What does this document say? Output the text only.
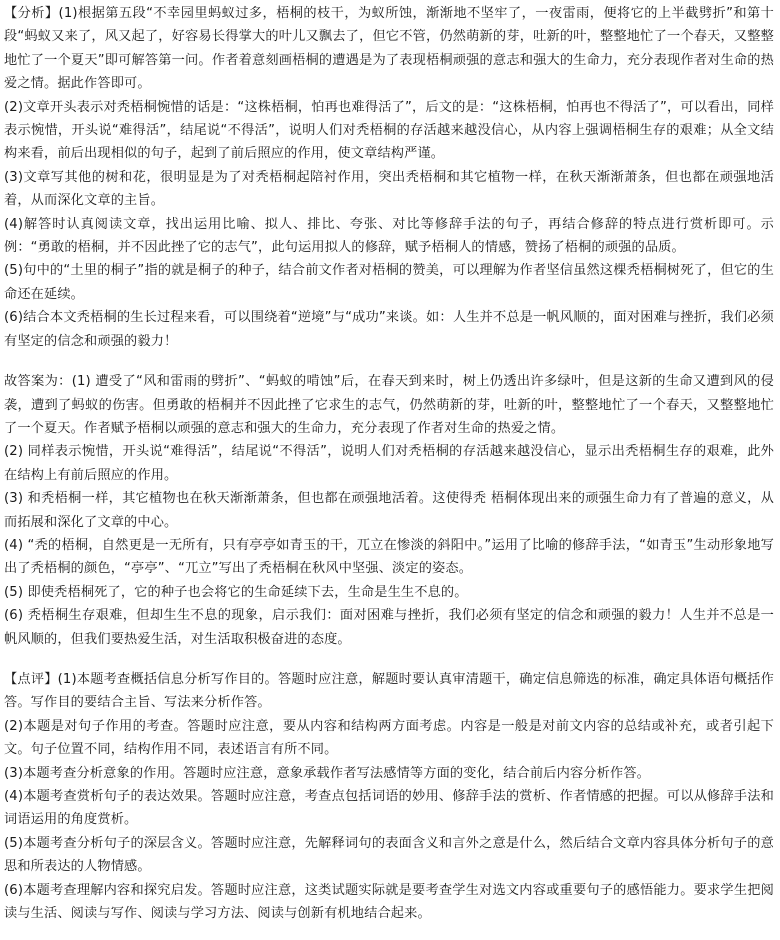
【分析】(1)根据第五段“不幸园里蚂蚁过多，梧桐的枝干，为蚁所蚀，渐渐地不坚牢了，一夜雷雨，便将它的上半截劈折”和第十段“蚂蚁又来了，风又起了，好容易长得掌大的叶儿又飘去了，但它不管，仍然萌新的芽，吐新的叶，整整地忙了一个春天，又整整地忙了一个夏天”即可解答第一问。作者着意刻画梧桐的遭遇是为了表现梧桐顽强的意志和强大的生命力，充分表现作者对生命的热爱之情。据此作答即可。

(2)文章开头表示对秃梧桐惋惜的话是：“这株梧桐，怕再也难得活了”，后文的是：“这株梧桐，怕再也不得活了”，可以看出，同样表示惋惜，开头说“难得活”，结尾说“不得活”，说明人们对秃梧桐的存活越来越没信心，从内容上强调梧桐生存的艰难；从全文结构来看，前后出现相似的句子，起到了前后照应的作用，使文章结构严谨。

(3)文章写其他的树和花，很明显是为了对秃梧桐起陪衬作用，突出秃梧桐和其它植物一样，在秋天渐渐萧条，但也都在顽强地活着，从而深化文章的主旨。

(4)解答时认真阅读文章，找出运用比喻、拟人、排比、夸张、对比等修辞手法的句子，再结合修辞的特点进行赏析即可。示例：“勇敢的梧桐，并不因此挫了它的志气”，此句运用拟人的修辞，赋予梧桐人的情感，赞扬了梧桐的顽强的品质。

(5)句中的“土里的桐子”指的就是桐子的种子，结合前文作者对梧桐的赞美，可以理解为作者坚信虽然这棵秃梧桐树死了，但它的生命还在延续。

(6)结合本文秃梧桐的生长过程来看，可以围绕着“逆境”与“成功”来谈。如：人生并不总是一帆风顺的，面对困难与挫折，我们必须有坚定的信念和顽强的毅力！

故答案为：(1) 遭受了“风和雷雨的劈折”、“蚂蚁的啃蚀”后，在春天到来时，树上仍透出许多绿叶，但是这新的生命又遭到风的侵袭，遭到了蚂蚁的伤害。但勇敢的梧桐并不因此挫了它求生的志气，仍然萌新的芽，吐新的叶，整整地忙了一个春天，又整整地忙了一个夏天。作者赋予梧桐以顽强的意志和强大的生命力，充分表现了作者对生命的热爱之情。

(2) 同样表示惋惜，开头说“难得活”，结尾说“不得活”，说明人们对秃梧桐的存活越来越没信心，显示出秃梧桐生存的艰难，此外在结构上有前后照应的作用。

(3) 和秃梧桐一样，其它植物也在秋天渐渐萧条，但也都在顽强地活着。这使得秃 梧桐体现出来的顽强生命力有了普遍的意义，从而拓展和深化了文章的中心。

(4) “秃的梧桐，自然更是一无所有，只有亭亭如青玉的干，兀立在惨淡的斜阳中。”运用了比喻的修辞手法，“如青玉”生动形象地写出了秃梧桐的颜色，“亭亭”、“兀立”写出了秃梧桐在秋风中坚强、淡定的姿态。

(5) 即使秃梧桐死了，它的种子也会将它的生命延续下去，生命是生生不息的。

(6) 秃梧桐生存艰难，但却生生不息的现象，启示我们：面对困难与挫折，我们必须有坚定的信念和顽强的毅力！人生并不总是一帆风顺的，但我们要热爱生活，对生活取积极奋进的态度。

【点评】(1)本题考查概括信息分析写作目的。答题时应注意，解题时要认真审清题干，确定信息筛选的标准，确定具体语句概括作答。写作目的要结合主旨、写法来分析作答。

(2)本题是对句子作用的考查。答题时应注意，要从内容和结构两方面考虑。内容是一般是对前文内容的总结或补充，或者引起下文。句子位置不同，结构作用不同，表述语言有所不同。

(3)本题考查分析意象的作用。答题时应注意，意象承载作者写法感情等方面的变化，结合前后内容分析作答。

(4)本题考查赏析句子的表达效果。答题时应注意，考查点包括词语的妙用、修辞手法的赏析、作者情感的把握。可以从修辞手法和词语运用的角度赏析。

(5)本题考查分析句子的深层含义。答题时应注意，先解释词句的表面含义和言外之意是什么，然后结合文章内容具体分析句子的意思和所表达的人物情感。

(6)本题考查理解内容和探究启发。答题时应注意，这类试题实际就是要考查学生对选文内容或重要句子的感悟能力。要求学生把阅读与生活、阅读与写作、阅读与学习方法、阅读与创新有机地结合起来。
